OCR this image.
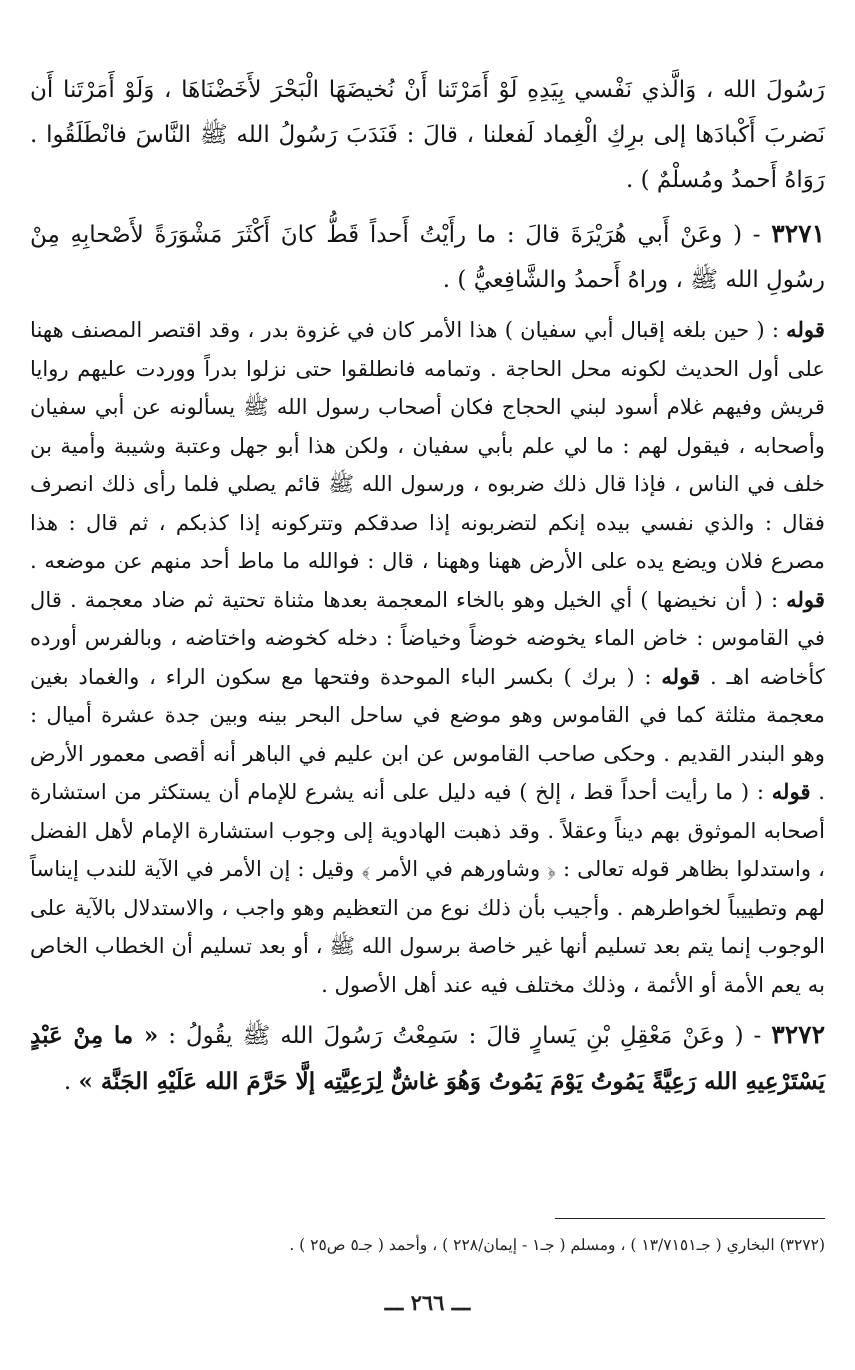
رَسُولَ الله ، وَالَّذي نَفْسي بِيَدِهِ لَوْ أَمَرْتَنا أَنْ نُخيضَهَا الْبَحْرَ لأَخَضْنَاهَا ، وَلَوْ أَمَرْتَنا أَن نَضربَ أَكْبادَها إلى برِكِ الْغِماد لَفعلنا ، قالَ : فَنَدَبَ رَسُولُ الله ﷺ النَّاسَ فانْطَلَقُوا . رَوَاهُ أَحمدُ ومُسلْمٌ ) .

٣٢٧١ - ( وعَنْ أَبي هُرَيْرَةَ قالَ : ما رأَيْتُ أَحداً قَطُّ كانَ أَكْثَرَ مَشْوَرَةً لأَصْحابِهِ مِنْ رسُولِ الله ﷺ ، وراهُ أَحمدُ والشَّافِعيُّ ) .

قوله : ( حين بلغه إقبال أبي سفيان ) هذا الأمر كان في غزوة بدر ، وقد اقتصر المصنف ههنا على أول الحديث لكونه محل الحاجة . وتمامه فانطلقوا حتى نزلوا بدراً ووردت عليهم روايا قريش وفيهم غلام أسود لبني الحجاج فكان أصحاب رسول الله ﷺ يسألونه عن أبي سفيان وأصحابه ، فيقول لهم : ما لي علم بأبي سفيان ، ولكن هذا أبو جهل وعتبة وشيبة وأمية بن خلف في الناس ، فإذا قال ذلك ضربوه ، ورسول الله ﷺ قائم يصلي فلما رأى ذلك انصرف فقال : والذي نفسي بيده إنكم لتضربونه إذا صدقكم وتتركونه إذا كذبكم ، ثم قال : هذا مصرع فلان ويضع يده على الأرض ههنا وههنا ، قال : فوالله ما ماط أحد منهم عن موضعه . قوله : ( أن نخيضها ) أي الخيل وهو بالخاء المعجمة بعدها مثناة تحتية ثم ضاد معجمة . قال في القاموس : خاض الماء يخوضه خوضاً وخياضاً : دخله كخوضه واختاضه ، وبالفرس أورده كأخاضه اهـ . قوله : ( برك ) بكسر الباء الموحدة وفتحها مع سكون الراء ، والغماد بغين معجمة مثلثة كما في القاموس وهو موضع في ساحل البحر بينه وبين جدة عشرة أميال : وهو البندر القديم . وحكى صاحب القاموس عن ابن عليم في الباهر أنه أقصى معمور الأرض . قوله : ( ما رأيت أحداً قط ، إلخ ) فيه دليل على أنه يشرع للإمام أن يستكثر من استشارة أصحابه الموثوق بهم ديناً وعقلاً . وقد ذهبت الهادوية إلى وجوب استشارة الإمام لأهل الفضل ، واستدلوا بظاهر قوله تعالى : ﴿ وشاورهم في الأمر ﴾ وقيل : إن الأمر في الآية للندب إيناساً لهم وتطييباً لخواطرهم . وأجيب بأن ذلك نوع من التعظيم وهو واجب ، والاستدلال بالآية على الوجوب إنما يتم بعد تسليم أنها غير خاصة برسول الله ﷺ ، أو بعد تسليم أن الخطاب الخاص به يعم الأمة أو الأئمة ، وذلك مختلف فيه عند أهل الأصول .

٣٢٧٢ - ( وعَنْ مَعْقِلِ بْنِ يَسارٍ قالَ : سَمِعْتُ رَسُولَ الله ﷺ يقُولُ : « ما مِنْ عَبْدٍ يَسْتَرْعِيهِ الله رَعِيَّةً يَمُوتُ يَوْمَ يَمُوتُ وَهُوَ غاشٌّ لِرَعِيَّتِه إلَّا حَرَّمَ الله عَلَيْهِ الجَنَّة » .

(٣٢٧٢) البخاري ( جـ١٣/٧١٥١ ) ، ومسلم ( جـ١ - إيمان/٢٢٨ ) ، وأحمد ( جـ٥ ص٢٥ ) .
ـــ ٢٦٦ ـــ
